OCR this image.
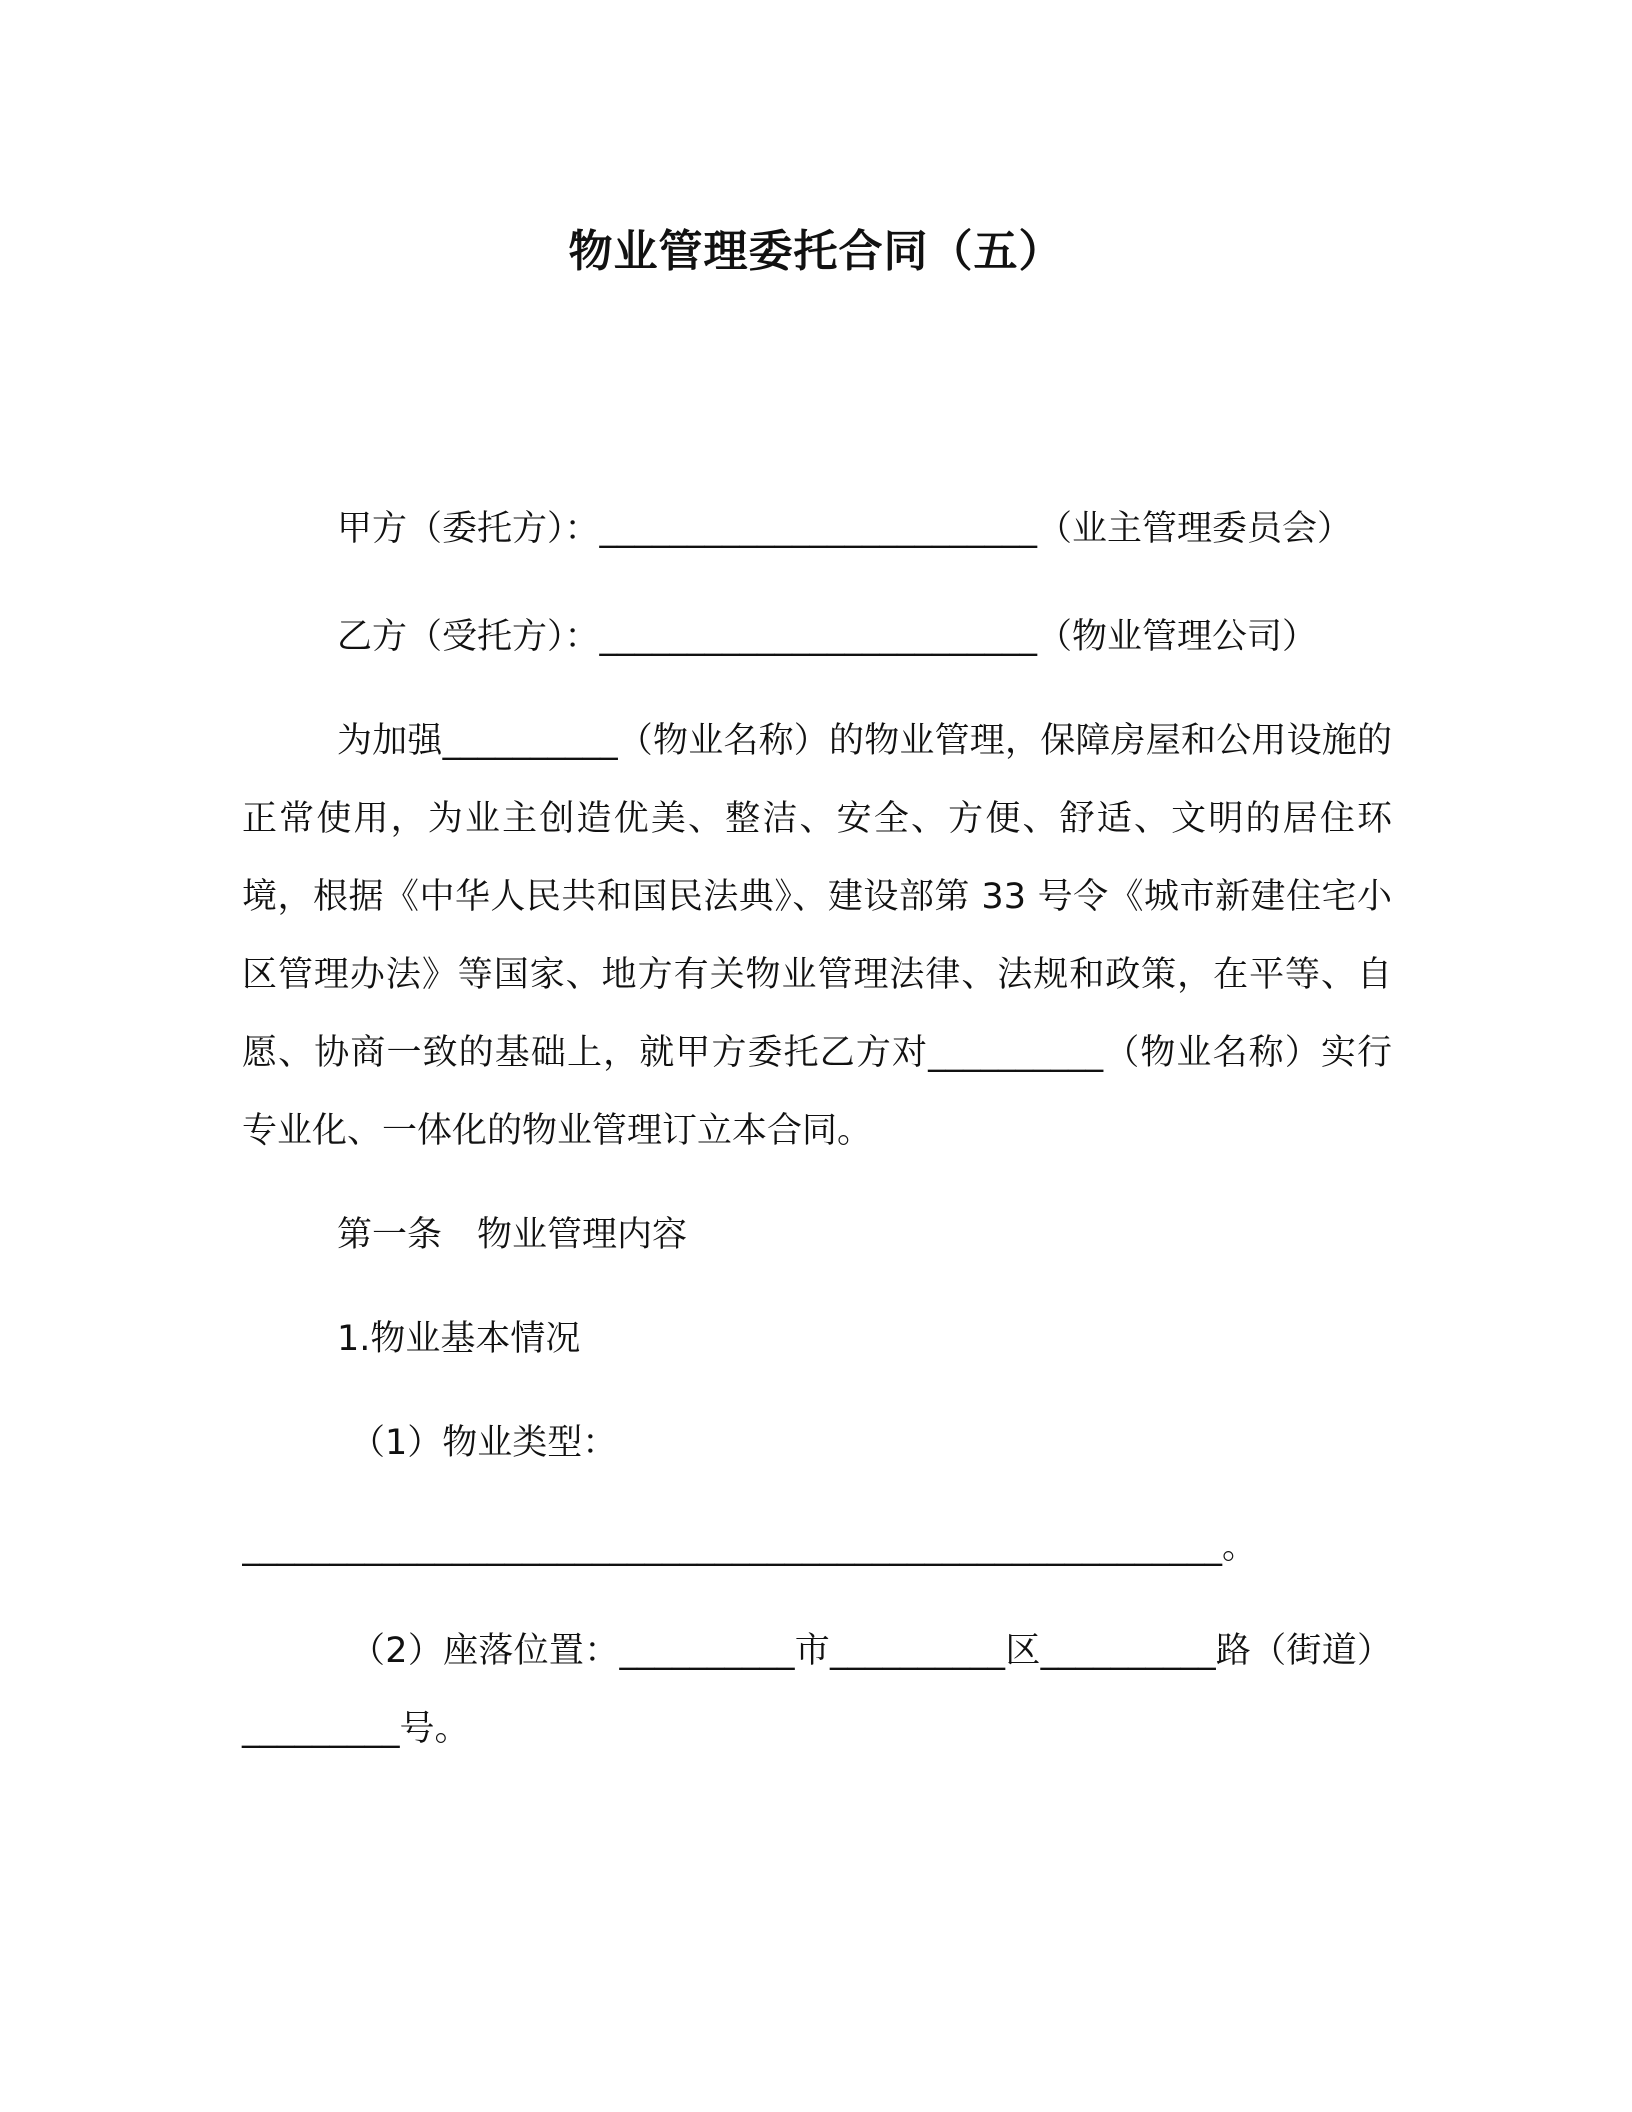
物业管理委托合同（五）

甲方（委托方）：_________________________（业主管理委员会）

乙方（受托方）：_________________________（物业管理公司）

为加强__________（物业名称）的物业管理，保障房屋和公用设施的正常使用，为业主创造优美、整洁、安全、方便、舒适、文明的居住环境，根据《中华人民共和国民法典》、建设部第 33 号令《城市新建住宅小区管理办法》等国家、地方有关物业管理法律、法规和政策，在平等、自愿、协商一致的基础上，就甲方委托乙方对__________（物业名称）实行专业化、一体化的物业管理订立本合同。

第一条　物业管理内容

1.物业基本情况

（1）物业类型：

________________________________________________________。

（2）座落位置：__________市__________区__________路（街道）_________号。
